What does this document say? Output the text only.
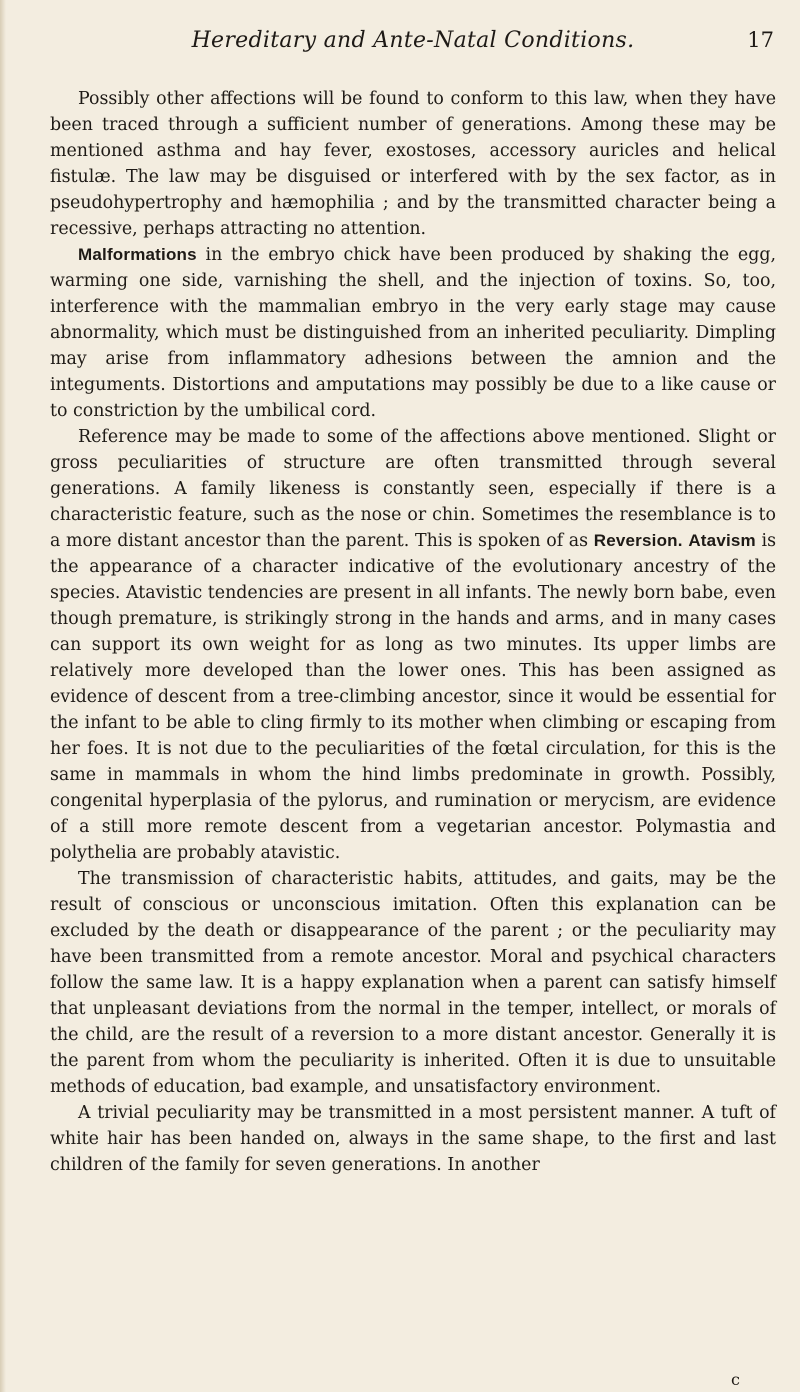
Hereditary and Ante-Natal Conditions.	17

Possibly other affections will be found to conform to this law, when they have been traced through a sufficient number of generations. Among these may be mentioned asthma and hay fever, exostoses, accessory auricles and helical fistulæ. The law may be disguised or interfered with by the sex factor, as in pseudohypertrophy and hæmophilia ; and by the transmitted character being a recessive, perhaps attracting no attention.

Malformations in the embryo chick have been produced by shaking the egg, warming one side, varnishing the shell, and the injection of toxins. So, too, interference with the mammalian embryo in the very early stage may cause abnormality, which must be distinguished from an inherited peculiarity. Dimpling may arise from inflammatory adhesions between the amnion and the integuments. Distortions and amputations may possibly be due to a like cause or to constriction by the umbilical cord.

Reference may be made to some of the affections above mentioned. Slight or gross peculiarities of structure are often transmitted through several generations. A family likeness is constantly seen, especially if there is a characteristic feature, such as the nose or chin. Sometimes the resemblance is to a more distant ancestor than the parent. This is spoken of as Reversion. Atavism is the appearance of a character indicative of the evolutionary ancestry of the species. Atavistic tendencies are present in all infants. The newly born babe, even though premature, is strikingly strong in the hands and arms, and in many cases can support its own weight for as long as two minutes. Its upper limbs are relatively more developed than the lower ones. This has been assigned as evidence of descent from a tree-climbing ancestor, since it would be essential for the infant to be able to cling firmly to its mother when climbing or escaping from her foes. It is not due to the peculiarities of the fœtal circulation, for this is the same in mammals in whom the hind limbs predominate in growth. Possibly, congenital hyperplasia of the pylorus, and rumination or merycism, are evidence of a still more remote descent from a vegetarian ancestor. Polymastia and polythelia are probably atavistic.

The transmission of characteristic habits, attitudes, and gaits, may be the result of conscious or unconscious imitation. Often this explanation can be excluded by the death or disappearance of the parent ; or the peculiarity may have been transmitted from a remote ancestor. Moral and psychical characters follow the same law. It is a happy explanation when a parent can satisfy himself that unpleasant deviations from the normal in the temper, intellect, or morals of the child, are the result of a reversion to a more distant ancestor. Generally it is the parent from whom the peculiarity is inherited. Often it is due to unsuitable methods of education, bad example, and unsatisfactory environment.

A trivial peculiarity may be transmitted in a most persistent manner. A tuft of white hair has been handed on, always in the same shape, to the first and last children of the family for seven generations. In another

c
